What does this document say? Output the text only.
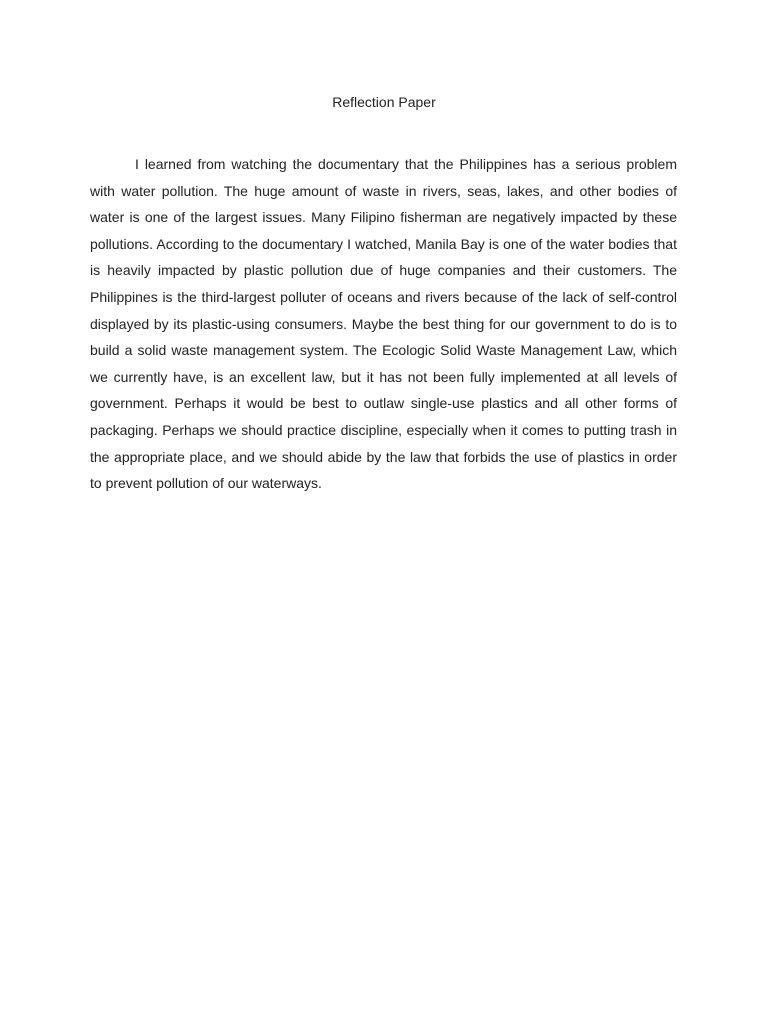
Reflection Paper

I learned from watching the documentary that the Philippines has a serious problem with water pollution. The huge amount of waste in rivers, seas, lakes, and other bodies of water is one of the largest issues. Many Filipino fisherman are negatively impacted by these pollutions. According to the documentary I watched, Manila Bay is one of the water bodies that is heavily impacted by plastic pollution due of huge companies and their customers. The Philippines is the third-largest polluter of oceans and rivers because of the lack of self-control displayed by its plastic-using consumers. Maybe the best thing for our government to do is to build a solid waste management system. The Ecologic Solid Waste Management Law, which we currently have, is an excellent law, but it has not been fully implemented at all levels of government. Perhaps it would be best to outlaw single-use plastics and all other forms of packaging. Perhaps we should practice discipline, especially when it comes to putting trash in the appropriate place, and we should abide by the law that forbids the use of plastics in order to prevent pollution of our waterways.
